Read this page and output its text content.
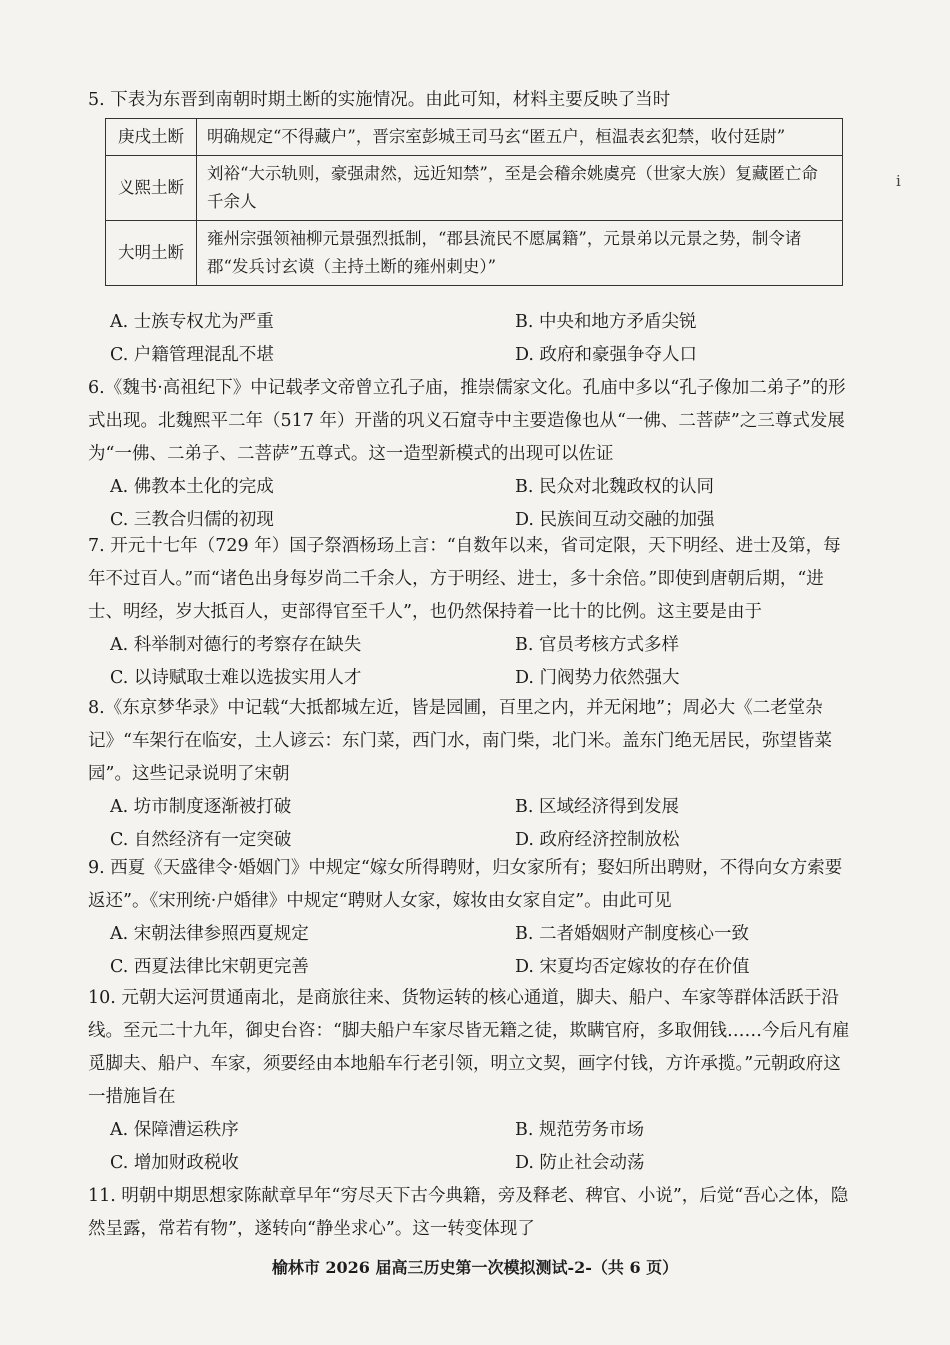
i

5. 下表为东晋到南朝时期土断的实施情况。由此可知，材料主要反映了当时

庚戌土断	明确规定“不得藏户”，晋宗室彭城王司马玄“匿五户，桓温表玄犯禁，收付廷尉”
义熙土断	刘裕“大示轨则，豪强肃然，远近知禁”，至是会稽余姚虞亮（世家大族）复藏匿亡命千余人
大明土断	雍州宗强领袖柳元景强烈抵制，“郡县流民不愿属籍”，元景弟以元景之势，制令诸郡“发兵讨玄谟（主持土断的雍州刺史）”
A. 士族专权尤为严重	B. 中央和地方矛盾尖锐
C. 户籍管理混乱不堪	D. 政府和豪强争夺人口

6.《魏书·高祖纪下》中记载孝文帝曾立孔子庙，推崇儒家文化。孔庙中多以“孔子像加二弟子”的形式出现。北魏熙平二年（517 年）开凿的巩义石窟寺中主要造像也从“一佛、二菩萨”之三尊式发展为“一佛、二弟子、二菩萨”五尊式。这一造型新模式的出现可以佐证

A. 佛教本土化的完成	B. 民众对北魏政权的认同
C. 三教合归儒的初现	D. 民族间互动交融的加强

7. 开元十七年（729 年）国子祭酒杨玚上言：“自数年以来，省司定限，天下明经、进士及第，每年不过百人。”而“诸色出身每岁尚二千余人，方于明经、进士，多十余倍。”即使到唐朝后期，“进士、明经，岁大抵百人，吏部得官至千人”，也仍然保持着一比十的比例。这主要是由于

A. 科举制对德行的考察存在缺失	B. 官员考核方式多样
C. 以诗赋取士难以选拔实用人才	D. 门阀势力依然强大

8.《东京梦华录》中记载“大抵都城左近，皆是园圃，百里之内，并无闲地”；周必大《二老堂杂记》“车架行在临安，土人谚云：东门菜，西门水，南门柴，北门米。盖东门绝无居民，弥望皆菜园”。这些记录说明了宋朝

A. 坊市制度逐渐被打破	B. 区域经济得到发展
C. 自然经济有一定突破	D. 政府经济控制放松

9. 西夏《天盛律令·婚姻门》中规定“嫁女所得聘财，归女家所有；娶妇所出聘财，不得向女方索要返还”。《宋刑统·户婚律》中规定“聘财人女家，嫁妆由女家自定”。由此可见

A. 宋朝法律参照西夏规定	B. 二者婚姻财产制度核心一致
C. 西夏法律比宋朝更完善	D. 宋夏均否定嫁妆的存在价值

10. 元朝大运河贯通南北，是商旅往来、货物运转的核心通道，脚夫、船户、车家等群体活跃于沿线。至元二十九年，御史台咨：“脚夫船户车家尽皆无籍之徒，欺瞒官府，多取佣钱……今后凡有雇觅脚夫、船户、车家，须要经由本地船车行老引领，明立文契，画字付钱，方许承揽。”元朝政府这一措施旨在

A. 保障漕运秩序	B. 规范劳务市场
C. 增加财政税收	D. 防止社会动荡

11. 明朝中期思想家陈献章早年“穷尽天下古今典籍，旁及释老、稗官、小说”，后觉“吾心之体，隐然呈露，常若有物”，遂转向“静坐求心”。这一转变体现了

榆林市 2026 届高三历史第一次模拟测试-2-（共 6 页）
